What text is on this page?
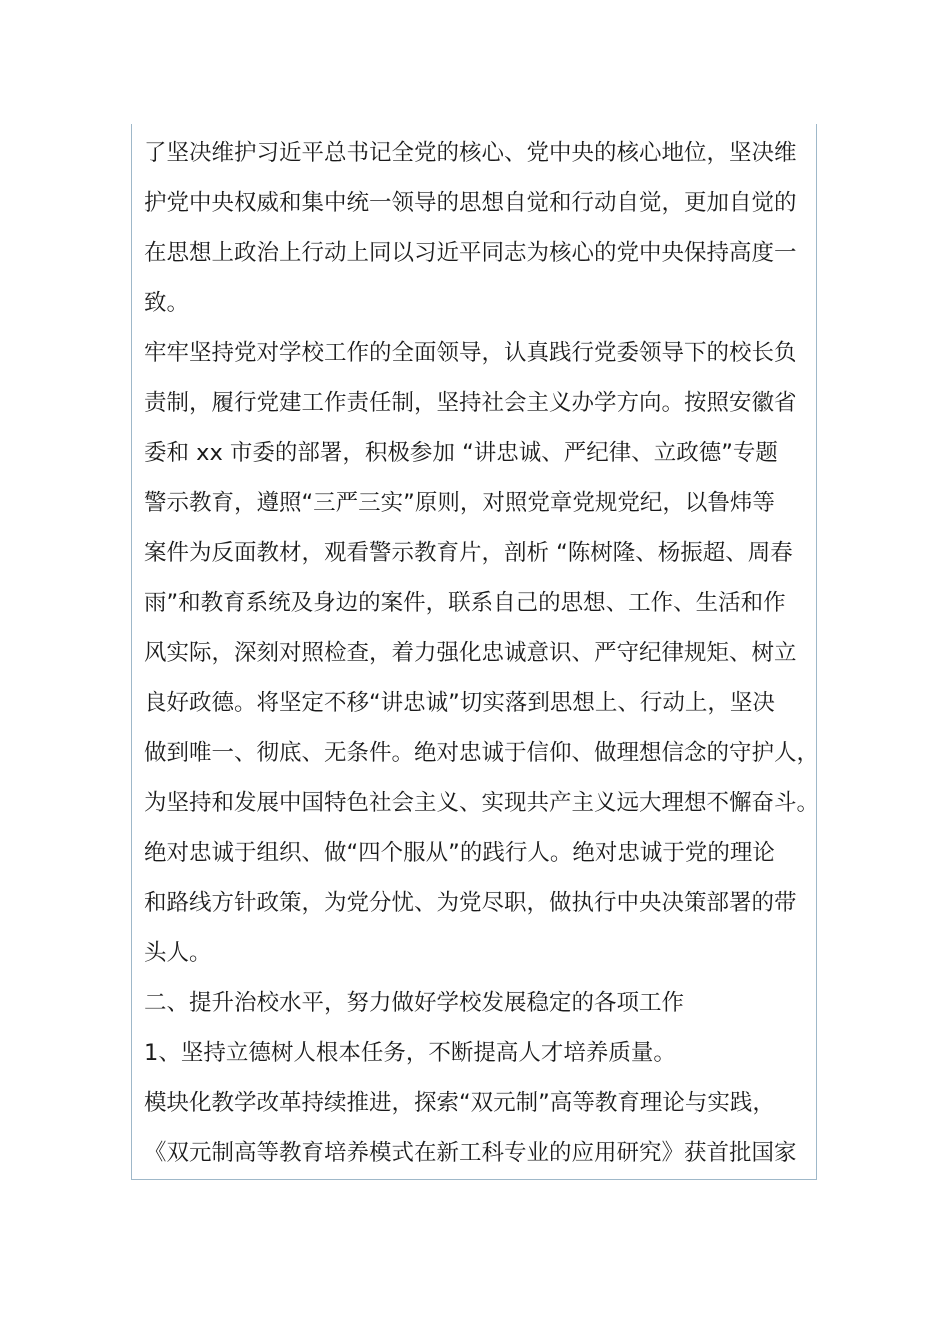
了坚决维护习近平总书记全党的核心、党中央的核心地位，坚决维
护党中央权威和集中统一领导的思想自觉和行动自觉，更加自觉的
在思想上政治上行动上同以习近平同志为核心的党中央保持高度一
致。
牢牢坚持党对学校工作的全面领导，认真践行党委领导下的校长负
责制，履行党建工作责任制，坚持社会主义办学方向。按照安徽省
委和 xx 市委的部署，积极参加 “讲忠诚、严纪律、立政德”专题
警示教育，遵照“三严三实”原则，对照党章党规党纪，以鲁炜等
案件为反面教材，观看警示教育片，剖析 “陈树隆、杨振超、周春
雨”和教育系统及身边的案件，联系自己的思想、工作、生活和作
风实际，深刻对照检查，着力强化忠诚意识、严守纪律规矩、树立
良好政德。将坚定不移“讲忠诚”切实落到思想上、行动上，坚决
做到唯一、彻底、无条件。绝对忠诚于信仰、做理想信念的守护人，
为坚持和发展中国特色社会主义、实现共产主义远大理想不懈奋斗。
绝对忠诚于组织、做“四个服从”的践行人。绝对忠诚于党的理论
和路线方针政策，为党分忧、为党尽职，做执行中央决策部署的带
头人。
二、提升治校水平，努力做好学校发展稳定的各项工作
1、坚持立德树人根本任务，不断提高人才培养质量。
模块化教学改革持续推进，探索“双元制”高等教育理论与实践，
《双元制高等教育培养模式在新工科专业的应用研究》获首批国家
